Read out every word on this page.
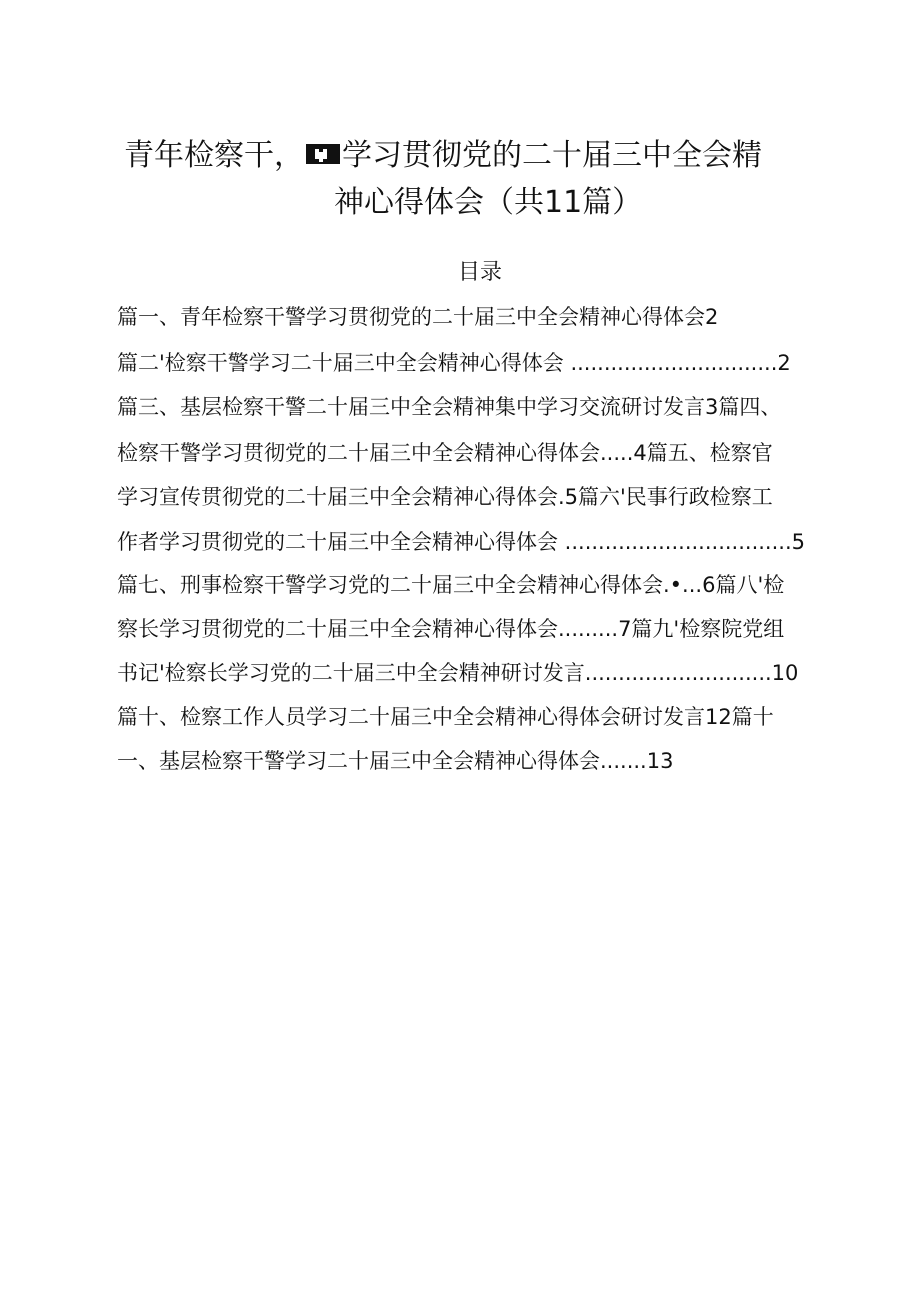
青年检察干， 学习贯彻党的二十届三中全会精
神心得体会（共11篇）
目录
篇一、青年检察干警学习贯彻党的二十届三中全会精神心得体会2
篇二'检察干警学习二十届三中全会精神心得体会 ...............................2
篇三、基层检察干警二十届三中全会精神集中学习交流研讨发言3篇四、
检察干警学习贯彻党的二十届三中全会精神心得体会.....4篇五、检察官
学习宣传贯彻党的二十届三中全会精神心得体会.5篇六'民事行政检察工
作者学习贯彻党的二十届三中全会精神心得体会 ..................................5
篇七、刑事检察干警学习党的二十届三中全会精神心得体会.•...6篇八'检
察长学习贯彻党的二十届三中全会精神心得体会.........7篇九'检察院党组
书记'检察长学习党的二十届三中全会精神研讨发言............................10
篇十、检察工作人员学习二十届三中全会精神心得体会研讨发言12篇十
一、基层检察干警学习二十届三中全会精神心得体会.......13
